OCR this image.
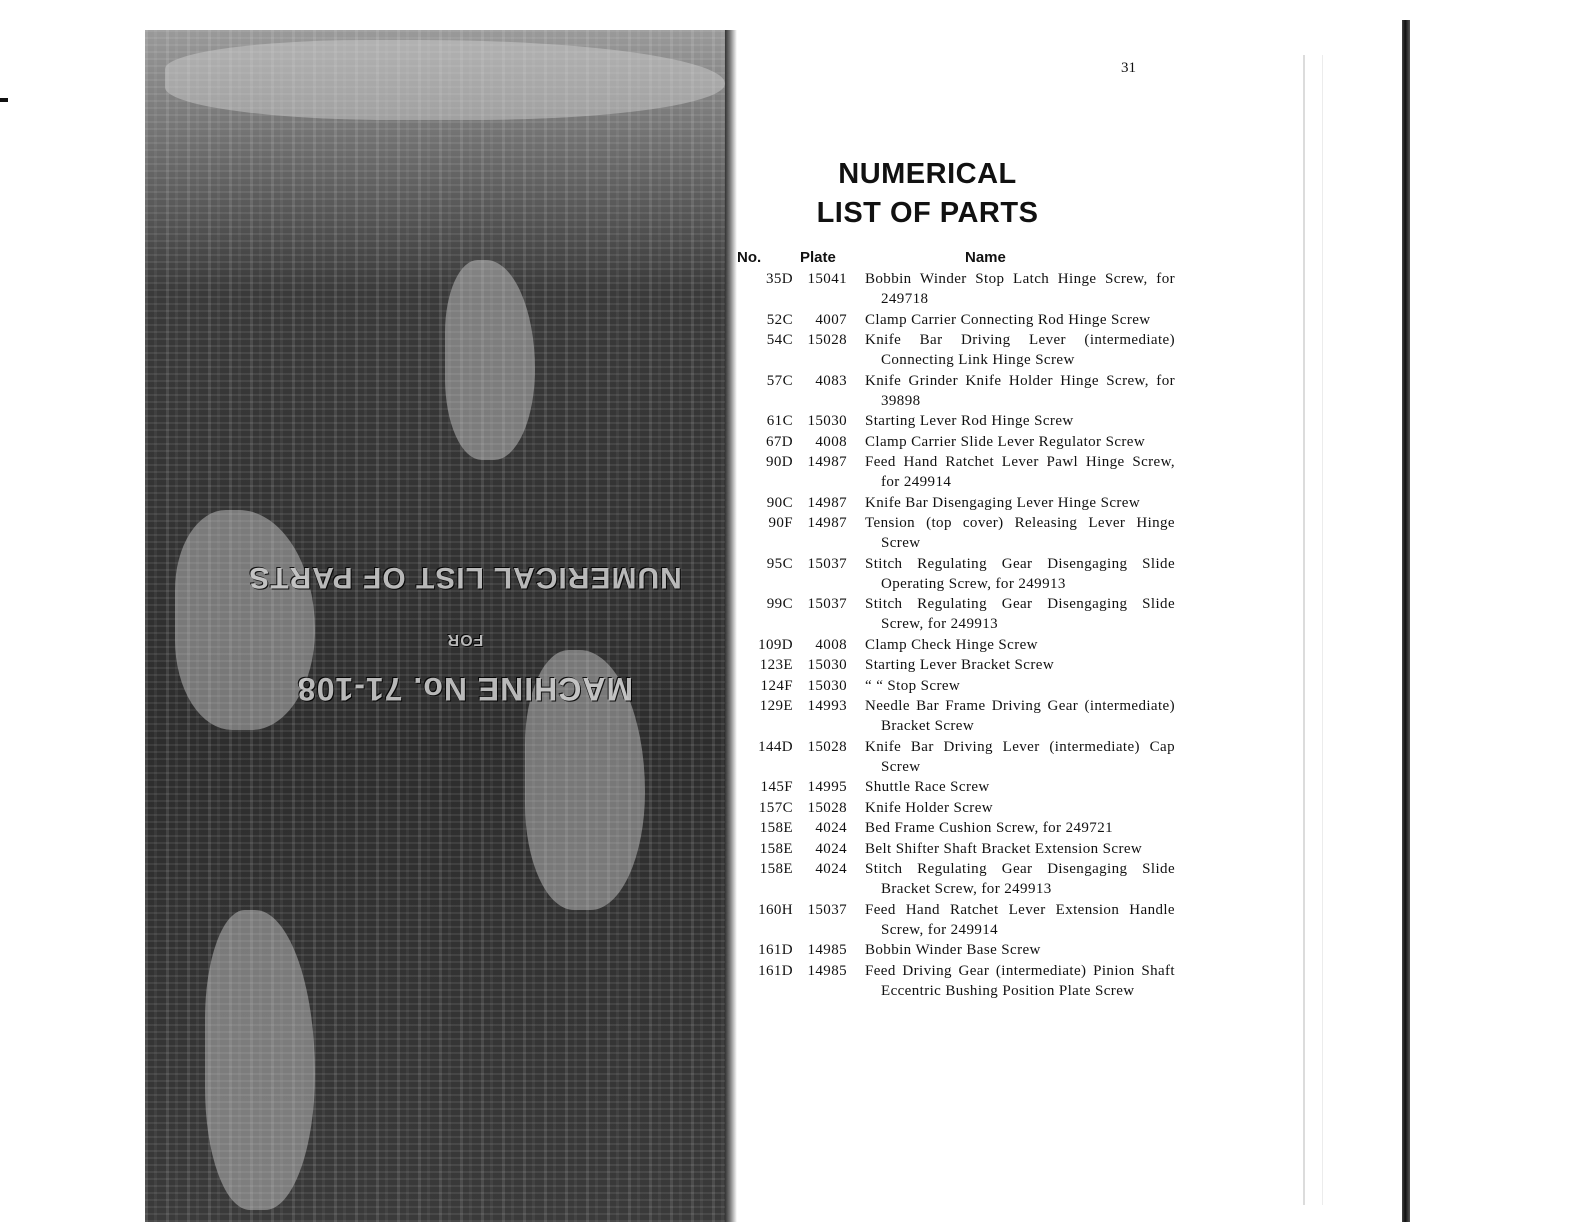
NUMERICAL LIST OF PARTS
FOR
MACHINE No. 71-108
31
NUMERICAL
LIST OF PARTS
No.	Plate	Name
35D 15041	Bobbin Winder Stop Latch Hinge Screw, for 249718
52C	4007	Clamp Carrier Connecting Rod Hinge Screw
54C 15028	Knife Bar Driving Lever (intermediate) Connecting Link Hinge Screw
57C	4083	Knife Grinder Knife Holder Hinge Screw, for 39898
61C 15030	Starting Lever Rod Hinge Screw
67D	4008	Clamp Carrier Slide Lever Regulator Screw
90D 14987	Feed Hand Ratchet Lever Pawl Hinge Screw, for 249914
90C 14987	Knife Bar Disengaging Lever Hinge Screw
90F 14987	Tension (top cover) Releasing Lever Hinge Screw
95C 15037	Stitch Regulating Gear Disengaging Slide Operating Screw, for 249913
99C 15037	Stitch Regulating Gear Disengaging Slide Screw, for 249913
109D	4008	Clamp Check Hinge Screw
123E 15030	Starting Lever Bracket Screw
124F 15030	“ “ Stop Screw
129E 14993	Needle Bar Frame Driving Gear (intermediate) Bracket Screw
144D 15028	Knife Bar Driving Lever (intermediate) Cap Screw
145F 14995	Shuttle Race Screw
157C 15028	Knife Holder Screw
158E	4024	Bed Frame Cushion Screw, for 249721
158E	4024	Belt Shifter Shaft Bracket Extension Screw
158E	4024	Stitch Regulating Gear Disengaging Slide Bracket Screw, for 249913
160H 15037	Feed Hand Ratchet Lever Extension Handle Screw, for 249914
161D 14985	Bobbin Winder Base Screw
161D 14985	Feed Driving Gear (intermediate) Pinion Shaft Eccentric Bushing Position Plate Screw
